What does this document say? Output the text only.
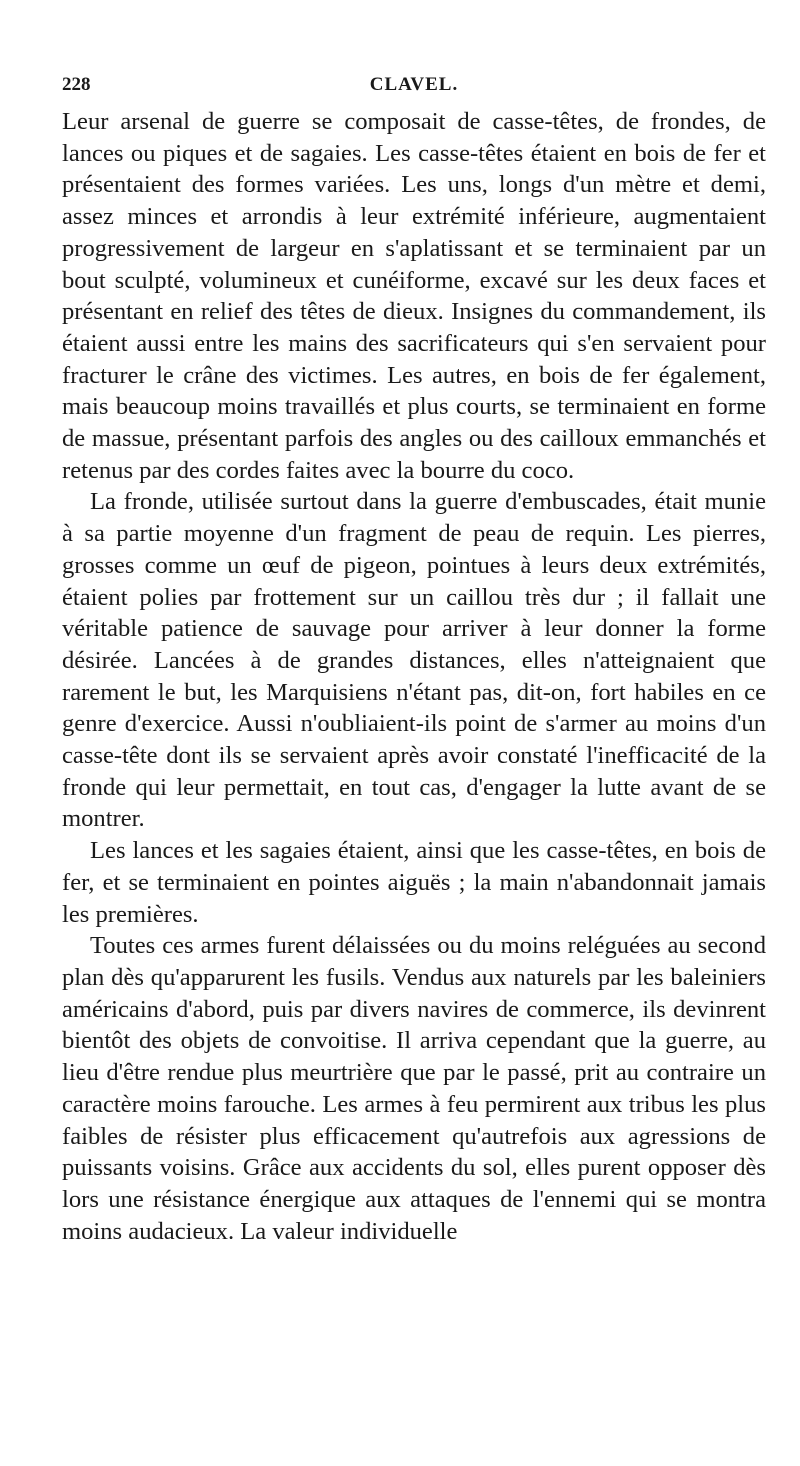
228	CLAVEL.

Leur arsenal de guerre se composait de casse-têtes, de frondes, de lances ou piques et de sagaies. Les casse-têtes étaient en bois de fer et présentaient des formes variées. Les uns, longs d'un mètre et demi, assez minces et arrondis à leur extrémité inférieure, augmentaient progressivement de largeur en s'aplatissant et se terminaient par un bout sculpté, volumineux et cunéiforme, excavé sur les deux faces et présentant en relief des têtes de dieux. Insignes du commandement, ils étaient aussi entre les mains des sacrificateurs qui s'en servaient pour fracturer le crâne des victimes. Les autres, en bois de fer également, mais beaucoup moins travaillés et plus courts, se terminaient en forme de massue, présentant parfois des angles ou des cailloux emmanchés et retenus par des cordes faites avec la bourre du coco.

La fronde, utilisée surtout dans la guerre d'embuscades, était munie à sa partie moyenne d'un fragment de peau de requin. Les pierres, grosses comme un œuf de pigeon, pointues à leurs deux extrémités, étaient polies par frottement sur un caillou très dur ; il fallait une véritable patience de sauvage pour arriver à leur donner la forme désirée. Lancées à de grandes distances, elles n'atteignaient que rarement le but, les Marquisiens n'étant pas, dit-on, fort habiles en ce genre d'exercice. Aussi n'oubliaient-ils point de s'armer au moins d'un casse-tête dont ils se servaient après avoir constaté l'inefficacité de la fronde qui leur permettait, en tout cas, d'engager la lutte avant de se montrer.

Les lances et les sagaies étaient, ainsi que les casse-têtes, en bois de fer, et se terminaient en pointes aiguës ; la main n'abandonnait jamais les premières.

Toutes ces armes furent délaissées ou du moins reléguées au second plan dès qu'apparurent les fusils. Vendus aux naturels par les baleiniers américains d'abord, puis par divers navires de commerce, ils devinrent bientôt des objets de convoitise. Il arriva cependant que la guerre, au lieu d'être rendue plus meurtrière que par le passé, prit au contraire un caractère moins farouche. Les armes à feu permirent aux tribus les plus faibles de résister plus efficacement qu'autrefois aux agressions de puissants voisins. Grâce aux accidents du sol, elles purent opposer dès lors une résistance énergique aux attaques de l'ennemi qui se montra moins audacieux. La valeur individuelle
